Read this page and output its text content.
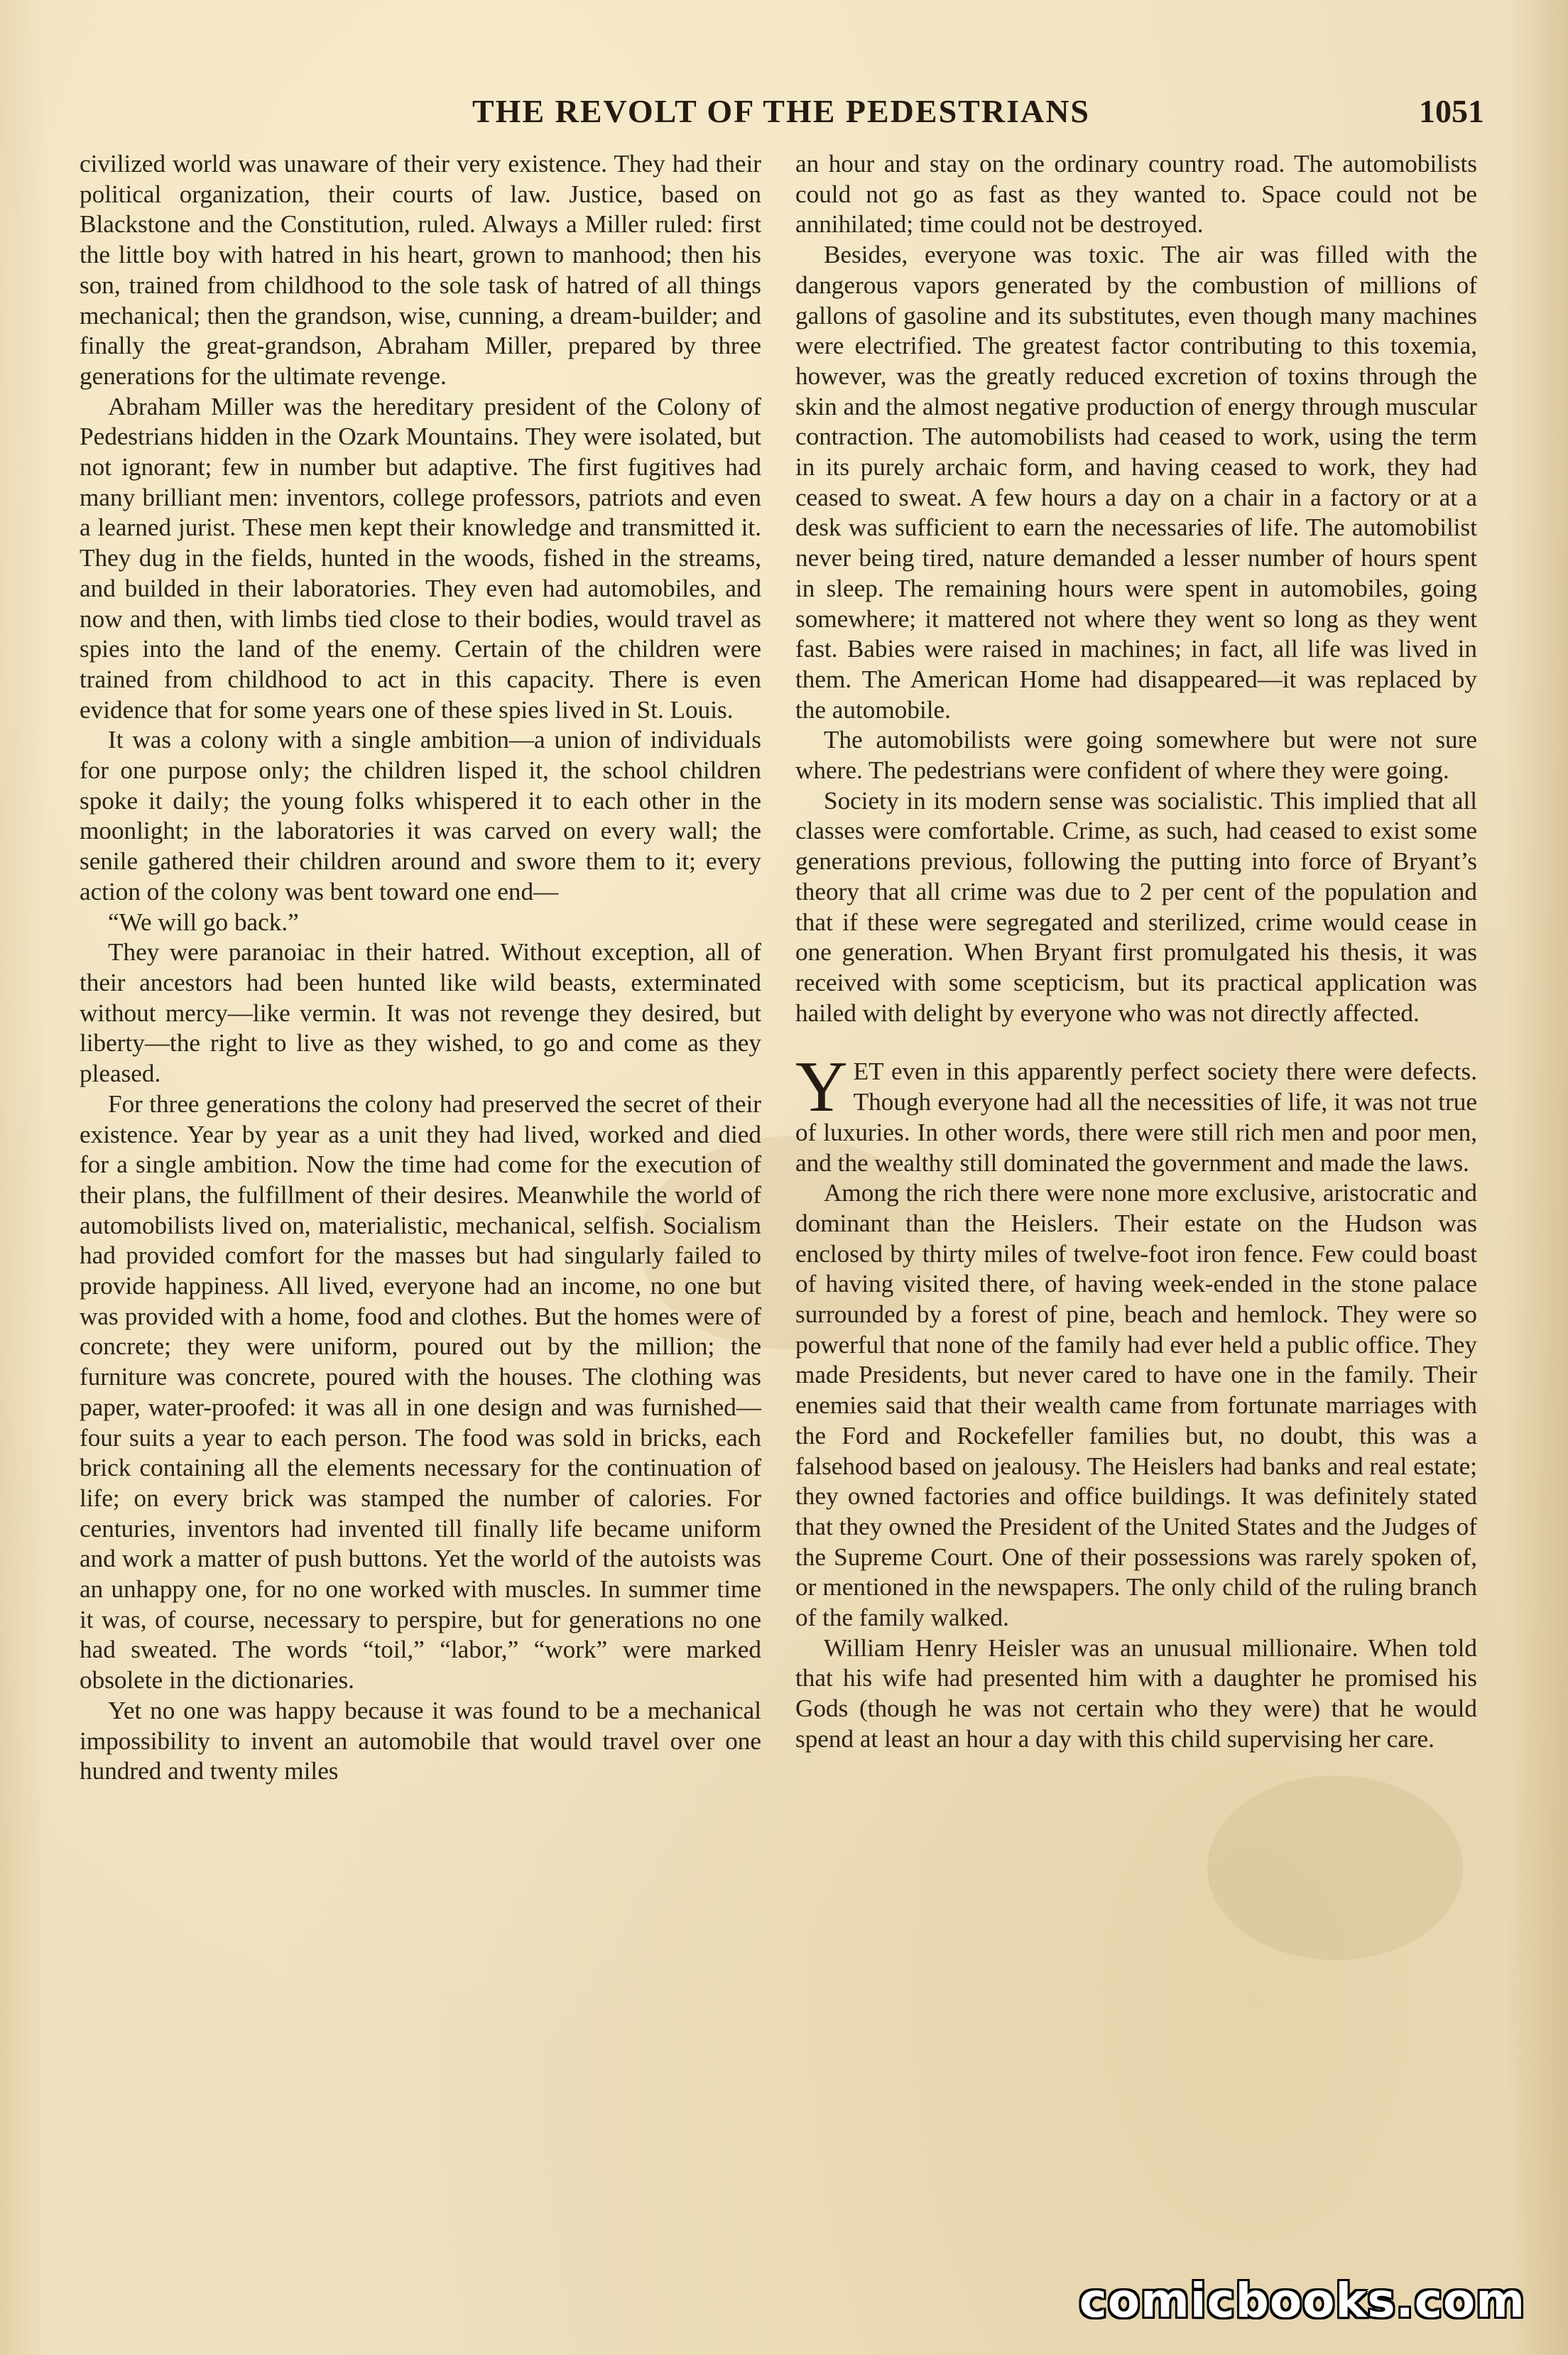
THE REVOLT OF THE PEDESTRIANS	1051

civilized world was unaware of their very existence. They had their political organization, their courts of law. Justice, based on Blackstone and the Constitution, ruled. Always a Miller ruled: first the little boy with hatred in his heart, grown to manhood; then his son, trained from childhood to the sole task of hatred of all things mechanical; then the grandson, wise, cunning, a dream-builder; and finally the great-grandson, Abraham Miller, prepared by three generations for the ultimate revenge.

Abraham Miller was the hereditary president of the Colony of Pedestrians hidden in the Ozark Mountains. They were isolated, but not ignorant; few in number but adaptive. The first fugitives had many brilliant men: inventors, college professors, patriots and even a learned jurist. These men kept their knowledge and transmitted it. They dug in the fields, hunted in the woods, fished in the streams, and builded in their laboratories. They even had automobiles, and now and then, with limbs tied close to their bodies, would travel as spies into the land of the enemy. Certain of the children were trained from childhood to act in this capacity. There is even evidence that for some years one of these spies lived in St. Louis.

It was a colony with a single ambition—a union of individuals for one purpose only; the children lisped it, the school children spoke it daily; the young folks whispered it to each other in the moonlight; in the laboratories it was carved on every wall; the senile gathered their children around and swore them to it; every action of the colony was bent toward one end—

“We will go back.”

They were paranoiac in their hatred. Without exception, all of their ancestors had been hunted like wild beasts, exterminated without mercy—like vermin. It was not revenge they desired, but liberty—the right to live as they wished, to go and come as they pleased.

For three generations the colony had preserved the secret of their existence. Year by year as a unit they had lived, worked and died for a single ambition. Now the time had come for the execution of their plans, the fulfillment of their desires. Meanwhile the world of automobilists lived on, materialistic, mechanical, selfish. Socialism had provided comfort for the masses but had singularly failed to provide happiness. All lived, everyone had an income, no one but was provided with a home, food and clothes. But the homes were of concrete; they were uniform, poured out by the million; the furniture was concrete, poured with the houses. The clothing was paper, water-proofed: it was all in one design and was furnished—four suits a year to each person. The food was sold in bricks, each brick containing all the elements necessary for the continuation of life; on every brick was stamped the number of calories. For centuries, inventors had invented till finally life became uniform and work a matter of push buttons. Yet the world of the autoists was an unhappy one, for no one worked with muscles. In summer time it was, of course, necessary to perspire, but for generations no one had sweated. The words “toil,” “labor,” “work” were marked obsolete in the dictionaries.

Yet no one was happy because it was found to be a mechanical impossibility to invent an automobile that would travel over one hundred and twenty miles

an hour and stay on the ordinary country road. The automobilists could not go as fast as they wanted to. Space could not be annihilated; time could not be destroyed.

Besides, everyone was toxic. The air was filled with the dangerous vapors generated by the combustion of millions of gallons of gasoline and its substitutes, even though many machines were electrified. The greatest factor contributing to this toxemia, however, was the greatly reduced excretion of toxins through the skin and the almost negative production of energy through muscular contraction. The automobilists had ceased to work, using the term in its purely archaic form, and having ceased to work, they had ceased to sweat. A few hours a day on a chair in a factory or at a desk was sufficient to earn the necessaries of life. The automobilist never being tired, nature demanded a lesser number of hours spent in sleep. The remaining hours were spent in automobiles, going somewhere; it mattered not where they went so long as they went fast. Babies were raised in machines; in fact, all life was lived in them. The American Home had disappeared—it was replaced by the automobile.

The automobilists were going somewhere but were not sure where. The pedestrians were confident of where they were going.

Society in its modern sense was socialistic. This implied that all classes were comfortable. Crime, as such, had ceased to exist some generations previous, following the putting into force of Bryant’s theory that all crime was due to 2 per cent of the population and that if these were segregated and sterilized, crime would cease in one generation. When Bryant first promulgated his thesis, it was received with some scepticism, but its practical application was hailed with delight by everyone who was not directly affected.

YET even in this apparently perfect society there were defects. Though everyone had all the necessities of life, it was not true of luxuries. In other words, there were still rich men and poor men, and the wealthy still dominated the government and made the laws.

Among the rich there were none more exclusive, aristocratic and dominant than the Heislers. Their estate on the Hudson was enclosed by thirty miles of twelve-foot iron fence. Few could boast of having visited there, of having week-ended in the stone palace surrounded by a forest of pine, beach and hemlock. They were so powerful that none of the family had ever held a public office. They made Presidents, but never cared to have one in the family. Their enemies said that their wealth came from fortunate marriages with the Ford and Rockefeller families but, no doubt, this was a falsehood based on jealousy. The Heislers had banks and real estate; they owned factories and office buildings. It was definitely stated that they owned the President of the United States and the Judges of the Supreme Court. One of their possessions was rarely spoken of, or mentioned in the newspapers. The only child of the ruling branch of the family walked.

William Henry Heisler was an unusual millionaire. When told that his wife had presented him with a daughter he promised his Gods (though he was not certain who they were) that he would spend at least an hour a day with this child supervising her care.

comicbooks.com
